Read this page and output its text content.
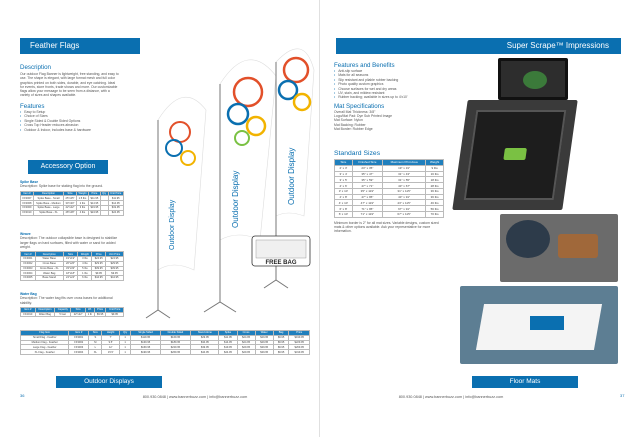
Feather Flags
Description

Our outdoor Flag Banner is lightweight, free standing, and easy to use. The shape is elegant, with large format mesh and full color graphics printed on both sides, durable, and eye catching. Ideal for events, store fronts, trade shows and more. Our customizable flags allow your message to be seen from a distance, with a variety of sizes and shapes available.

Features
• Easy to Setup
• Choice of Sizes
• Single Sided & Double Sided Options
• Cross Top Header reduces abrasion
• Outdoor & Indoor, includes base & hardware
Accessory Option
Spike Base
Description: Spike base for staking flag into the ground.
Item #	Description	Size	Weight	Price	Qty	Unit Price
FF3007	Spike Base - Small	25"x25"	1.5 lbs	$11.95		$11.95
FF3008	Spike Base - Medium	30"x30"	2 lbs	$14.95		$14.95
FF3009	Spike Base - Large	42"x42"	3 lbs	$19.95		$19.95
FF3010	Spike Base - XL	48"x48"	4 lbs	$24.95		$24.95
Weave
Description: The outdoor collapsible base is designed to stabilize larger flags on hard surfaces, filled with water or sand for added weight.
Item #	Description	Size	Weight	Price	Unit Price
FF4001	Water Base	19"x19"	3 lbs	$24.95	$24.95
FF4002	Cross Base	26"x26"	4 lbs	$29.95	$29.95
FF4003	Cross Base - XL	33"x33"	5 lbs	$39.95	$39.95
FF4004	Water Bag	18"x18"	1 lbs	$9.95	$9.95
FF4005	Base Stand	24"x24"	6 lbs	$44.95	$44.95
Water Bag
Description: The water bag fits over cross bases for additional stability.
Item #	Description	Capacity	Size	Wt.	Price	Unit Price
FF4010	Water Bag	5 Gal.	22"x22"	1 lb	$9.95	$9.95
Outdoor Display	Outdoor Display	Outdoor Display
FREE BAG
Flag Item	Item #	Size	Height	Qty	Single Sided	Double Sided	Stand Alone	Spike	Cross	Water	Bag	Price
Small Flag - Feather	FF3001	S	7'	1	$119.95	$169.95	$29.95	$11.95	$24.95	$29.95	$9.95	$199.95
Medium Flag - Feather	FF3002	M	9.5'	1	$139.95	$189.95	$34.95	$14.95	$24.95	$29.95	$9.95	$229.95
Large Flag - Feather	FF3003	L	12'	1	$169.95	$229.95	$39.95	$19.95	$29.95	$39.95	$9.95	$269.95
XL Flag - Feather	FF3004	XL	15.5'	1	$199.95	$269.95	$44.95	$24.95	$29.95	$39.95	$9.95	$319.95
Outdoor Displays
800.930.0848 | www.bannerbuzz.com | info@bannerbuzz.com
36
Super Scrape™ Impressions
Features and Benefits
• Anti-slip surface
• Mats for all seasons
• Slip resistant and pliable rubber backing
• Photo quality custom graphics
• Choose surfaces for wet and dry areas
• UV, stain, and mildew resistant
• Rubber backing; available in sizes up to 4'x10'
Mat Specifications
Overall Mat Thickness: 3/8"
Logo/Mat Pad: Dye Sub Printed Image
Mat Surface: Nylon
Mat Backing: Rubber
Mat Border: Rubber Edge
Standard Sizes
Size	Finished Size	Maximum Print Area	Weight
2' x 3'	23" x 35"	19" x 31"	9 lbs
3' x 4'	35" x 47"	31" x 43"	16 lbs
3' x 5'	35" x 59"	31" x 55"	18 lbs
4' x 6'	47" x 71"	43" x 67"	28 lbs
3' x 10'	35" x 119"	31" x 115"	36 lbs
4' x 8'	47" x 95"	43" x 91"	36 lbs
4' x 10'	47" x 119"	43" x 115"	46 lbs
6' x 8'	71" x 95"	67" x 91"	56 lbs
6' x 10'	71" x 119"	67" x 115"	70 lbs

Minimum border is 2" for all mat sizes. Variable designs, custom sized mats & other options available. Ask your representative for more information.

Floor Mats
800.930.0848 | www.bannerbuzz.com | info@bannerbuzz.com	37
